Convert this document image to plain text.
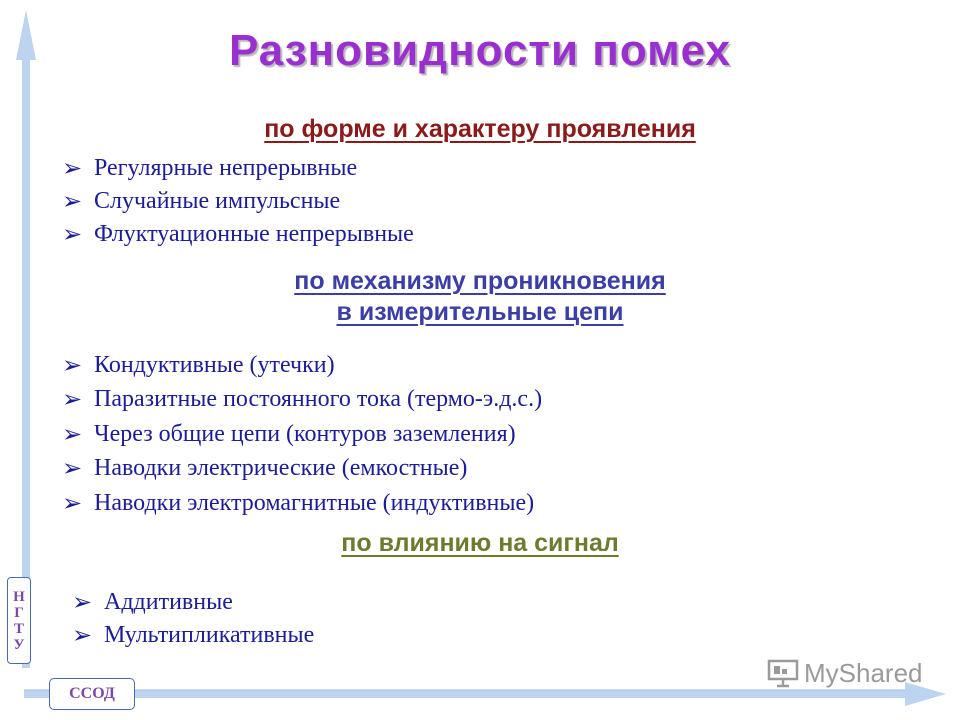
Н
Г
Т
У
ССОД
Разновидности помех
по форме и характеру проявления
➢ Регулярные непрерывные
➢ Случайные импульсные
➢ Флуктуационные непрерывные
по механизму проникновения
в измерительные цепи
➢ Кондуктивные (утечки)
➢ Паразитные постоянного тока (термо-э.д.с.)
➢ Через общие цепи (контуров заземления)
➢ Наводки электрические (емкостные)
➢ Наводки электромагнитные (индуктивные)
по влиянию на сигнал
➢ Аддитивные
➢ Мультипликативные
MyShared
